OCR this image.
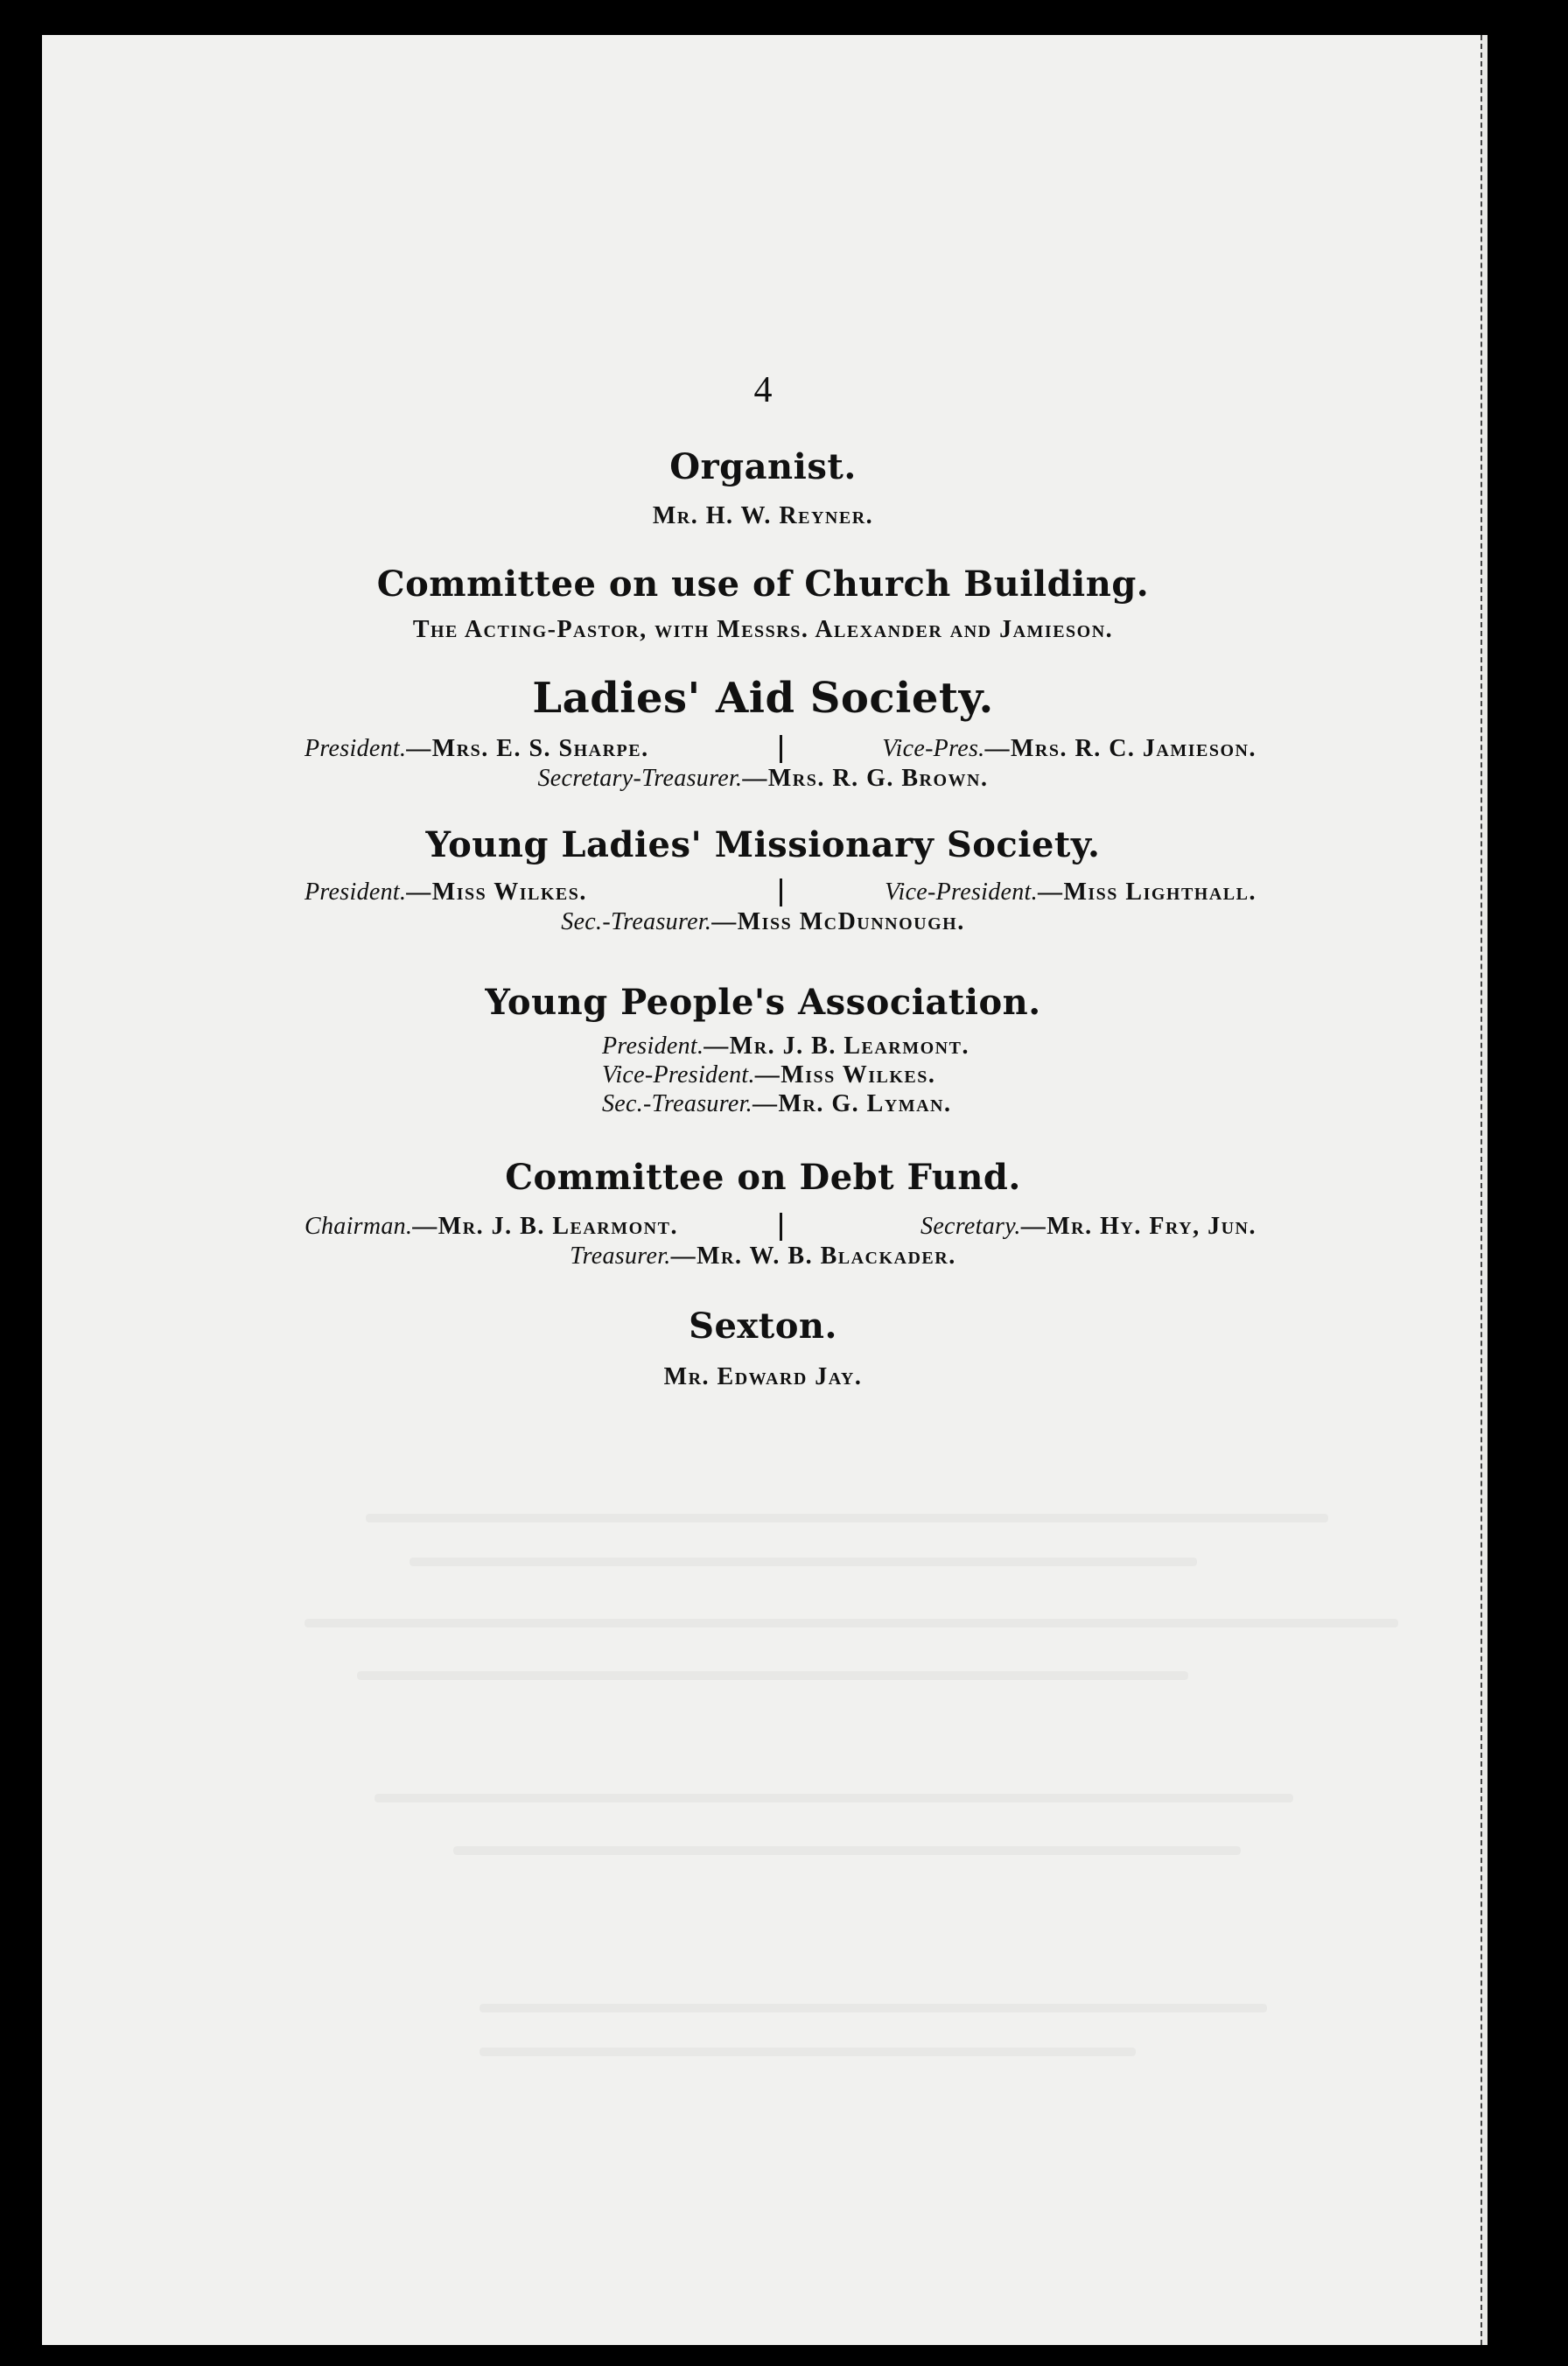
4
Organist.
Mr. H. W. Reyner.
Committee on use of Church Building.
The Acting-Pastor, with Messrs. Alexander and Jamieson.
Ladies' Aid Society.
President.—Mrs. E. S. Sharpe.	Vice-Pres.—Mrs. R. C. Jamieson.
Secretary-Treasurer.—Mrs. R. G. Brown.
Young Ladies' Missionary Society.
President.—Miss Wilkes.	Vice-President.—Miss Lighthall.
Sec.-Treasurer.—Miss McDunnough.
Young People's Association.
President.—Mr. J. B. Learmont.
Vice-President.—Miss Wilkes.
Sec.-Treasurer.—Mr. G. Lyman.
Committee on Debt Fund.
Chairman.—Mr. J. B. Learmont.	Secretary.—Mr. Hy. Fry, Jun.
Treasurer.—Mr. W. B. Blackader.
Sexton.
Mr. Edward Jay.
